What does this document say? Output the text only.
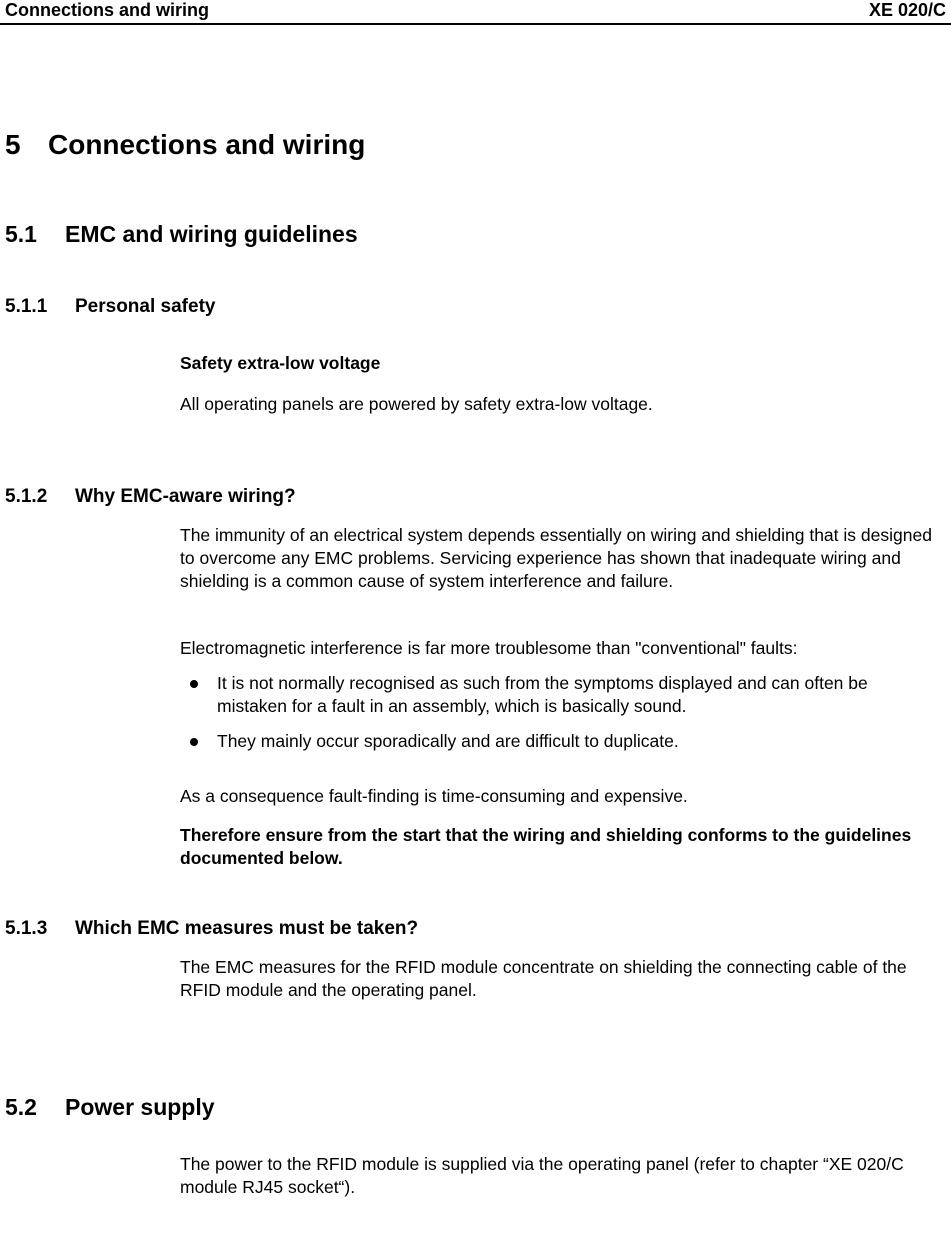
Connections and wiring	XE 020/C
5 Connections and wiring
5.1	EMC and wiring guidelines
5.1.1	Personal safety
Safety extra-low voltage
All operating panels are powered by safety extra-low voltage.
5.1.2	Why EMC-aware wiring?
The immunity of an electrical system depends essentially on wiring and shielding that is designed to overcome any EMC problems. Servicing experience has shown that inadequate wiring and shielding is a common cause of system interference and failure.
Electromagnetic interference is far more troublesome than "conventional" faults:
It is not normally recognised as such from the symptoms displayed and can often be mistaken for a fault in an assembly, which is basically sound.
They mainly occur sporadically and are difficult to duplicate.
As a consequence fault-finding is time-consuming and expensive.
Therefore ensure from the start that the wiring and shielding conforms to the guidelines documented below.
5.1.3	Which EMC measures must be taken?
The EMC measures for the RFID module concentrate on shielding the connecting cable of the RFID module and the operating panel.
5.2	Power supply
The power to the RFID module is supplied via the operating panel (refer to chapter “XE 020/C module RJ45 socket“).
